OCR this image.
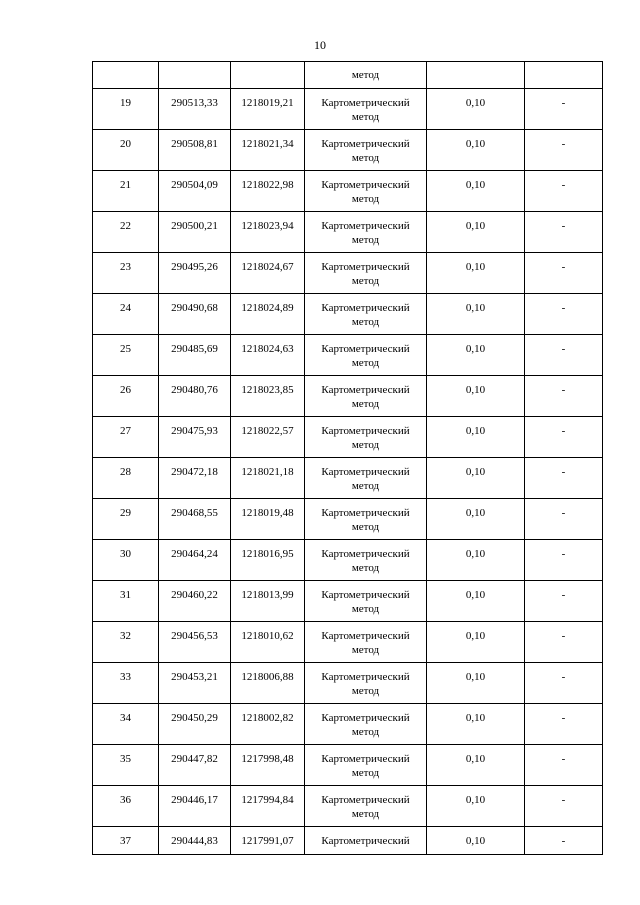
10

			метод		

19	290513,33	1218019,21	Картометрический
метод	0,10	-

20	290508,81	1218021,34	Картометрический
метод	0,10	-

21	290504,09	1218022,98	Картометрический
метод	0,10	-

22	290500,21	1218023,94	Картометрический
метод	0,10	-

23	290495,26	1218024,67	Картометрический
метод	0,10	-

24	290490,68	1218024,89	Картометрический
метод	0,10	-

25	290485,69	1218024,63	Картометрический
метод	0,10	-

26	290480,76	1218023,85	Картометрический
метод	0,10	-

27	290475,93	1218022,57	Картометрический
метод	0,10	-

28	290472,18	1218021,18	Картометрический
метод	0,10	-

29	290468,55	1218019,48	Картометрический
метод	0,10	-

30	290464,24	1218016,95	Картометрический
метод	0,10	-

31	290460,22	1218013,99	Картометрический
метод	0,10	-

32	290456,53	1218010,62	Картометрический
метод	0,10	-

33	290453,21	1218006,88	Картометрический
метод	0,10	-

34	290450,29	1218002,82	Картометрический
метод	0,10	-

35	290447,82	1217998,48	Картометрический
метод	0,10	-

36	290446,17	1217994,84	Картометрический
метод	0,10	-

37	290444,83	1217991,07	Картометрический	0,10	-
